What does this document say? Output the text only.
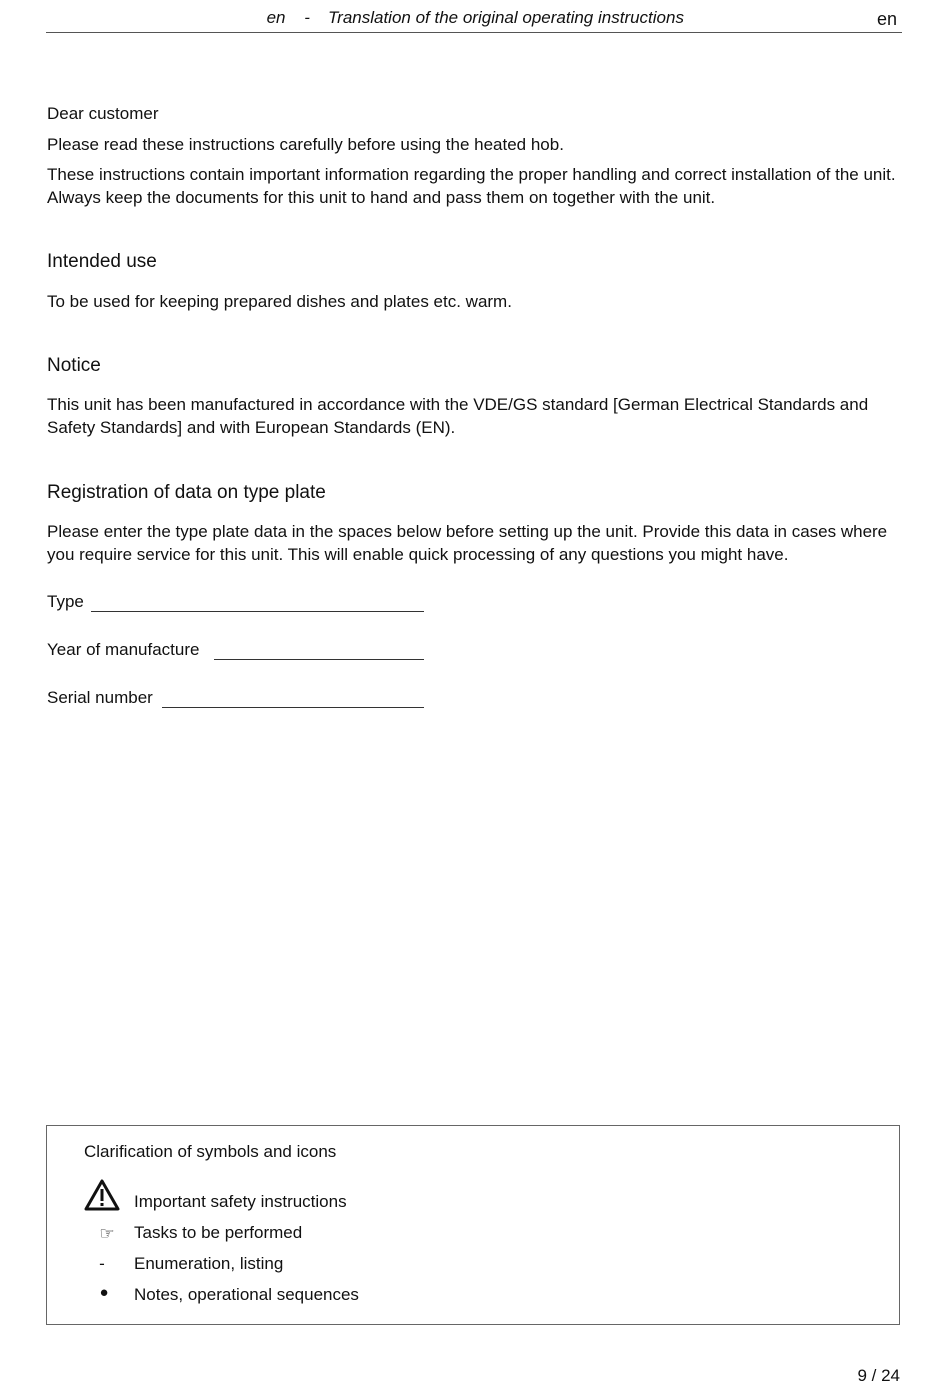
en - Translation of the original operating instructions	en
Dear customer
Please read these instructions carefully before using the heated hob.
These instructions contain important information regarding the proper handling and correct installation of the unit. Always keep the documents for this unit to hand and pass them on together with the unit.
Intended use
To be used for keeping prepared dishes and plates etc. warm.
Notice
This unit has been manufactured in accordance with the VDE/GS standard [German Electrical Standards and Safety Standards] and with European Standards (EN).
Registration of data on type plate
Please enter the type plate data in the spaces below before setting up the unit. Provide this data in cases where you require service for this unit. This will enable quick processing of any questions you might have.
Type
Year of manufacture
Serial number
Clarification of symbols and icons
Important safety instructions
☞ Tasks to be performed
-	Enumeration, listing
●	Notes, operational sequences
9 / 24
